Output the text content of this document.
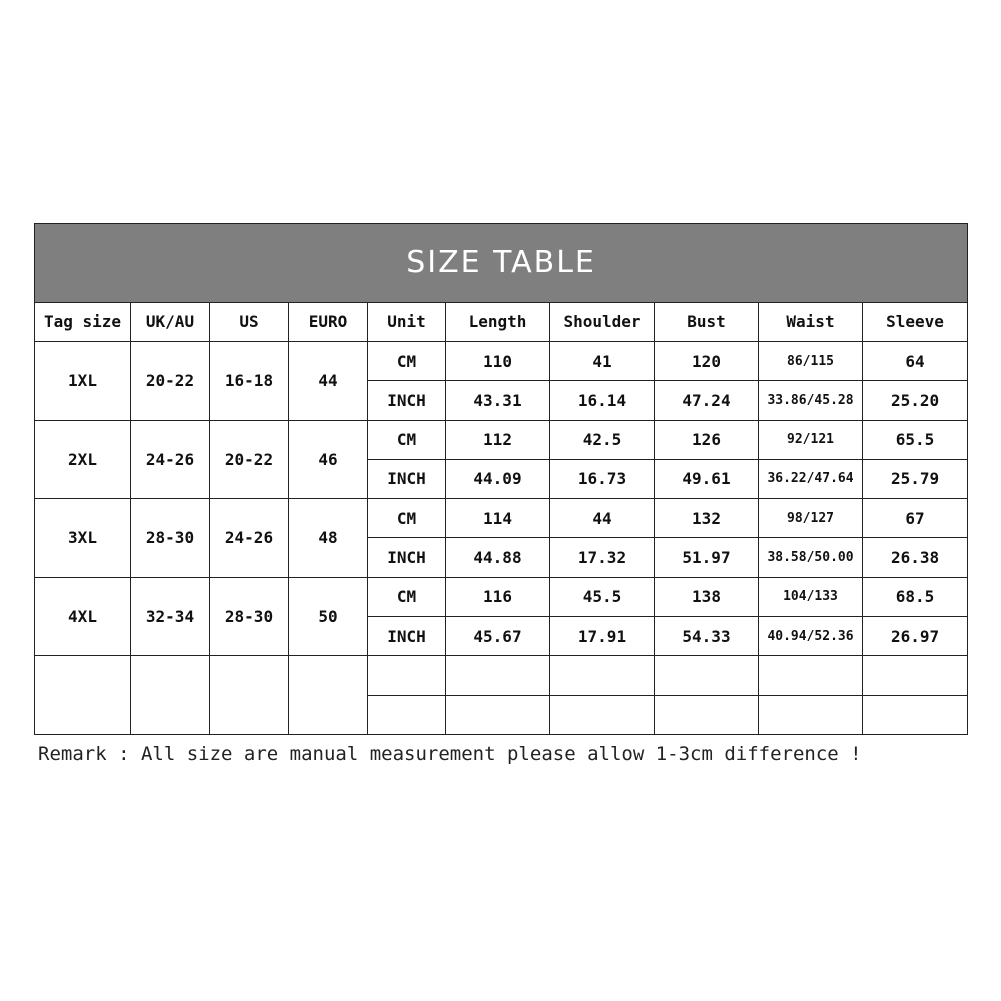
SIZE TABLE									
Tag size	UK/AU	US	EURO	Unit	Length	Shoulder	Bust	Waist	Sleeve
1XL	20-22	16-18	44	CM	110	41	120	86/115	64
				INCH	43.31	16.14	47.24	33.86/45.28	25.20
2XL	24-26	20-22	46	CM	112	42.5	126	92/121	65.5
				INCH	44.09	16.73	49.61	36.22/47.64	25.79
3XL	28-30	24-26	48	CM	114	44	132	98/127	67
				INCH	44.88	17.32	51.97	38.58/50.00	26.38
4XL	32-34	28-30	50	CM	116	45.5	138	104/133	68.5
				INCH	45.67	17.91	54.33	40.94/52.36	26.97

Remark : All size are manual measurement please allow 1-3cm difference !
